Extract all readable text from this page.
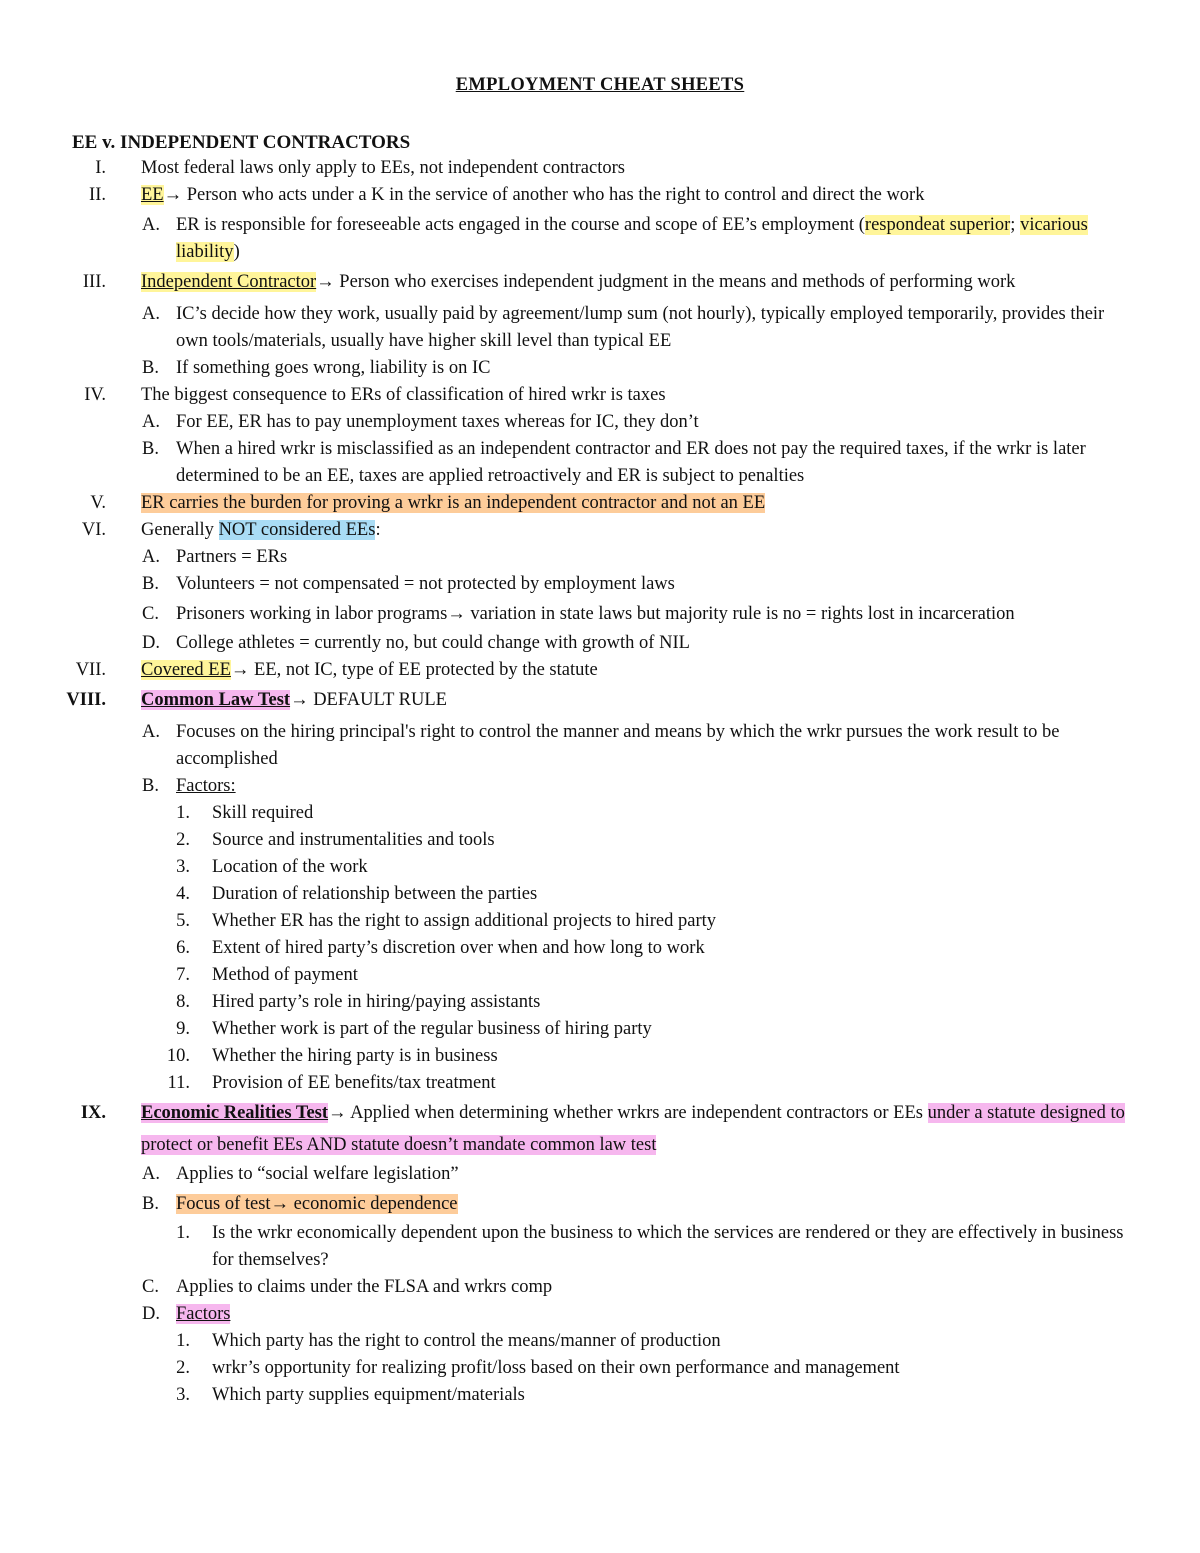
EMPLOYMENT CHEAT SHEETS
EE v. INDEPENDENT CONTRACTORS
I. Most federal laws only apply to EEs, not independent contractors
II. EE→ Person who acts under a K in the service of another who has the right to control and direct the work
A. ER is responsible for foreseeable acts engaged in the course and scope of EE’s employment (respondeat superior; vicarious liability)
III. Independent Contractor→ Person who exercises independent judgment in the means and methods of performing work
A. IC’s decide how they work, usually paid by agreement/lump sum (not hourly), typically employed temporarily, provides their own tools/materials, usually have higher skill level than typical EE
B. If something goes wrong, liability is on IC
IV. The biggest consequence to ERs of classification of hired wrkr is taxes
A. For EE, ER has to pay unemployment taxes whereas for IC, they don’t
B. When a hired wrkr is misclassified as an independent contractor and ER does not pay the required taxes, if the wrkr is later determined to be an EE, taxes are applied retroactively and ER is subject to penalties
V. ER carries the burden for proving a wrkr is an independent contractor and not an EE
VI. Generally NOT considered EEs:
A. Partners = ERs
B. Volunteers = not compensated = not protected by employment laws
C. Prisoners working in labor programs→ variation in state laws but majority rule is no = rights lost in incarceration
D. College athletes = currently no, but could change with growth of NIL
VII. Covered EE→ EE, not IC, type of EE protected by the statute
VIII. Common Law Test→ DEFAULT RULE
A. Focuses on the hiring principal's right to control the manner and means by which the wrkr pursues the work result to be accomplished
B. Factors:
1. Skill required
2. Source and instrumentalities and tools
3. Location of the work
4. Duration of relationship between the parties
5. Whether ER has the right to assign additional projects to hired party
6. Extent of hired party’s discretion over when and how long to work
7. Method of payment
8. Hired party’s role in hiring/paying assistants
9. Whether work is part of the regular business of hiring party
10. Whether the hiring party is in business
11. Provision of EE benefits/tax treatment
IX. Economic Realities Test→ Applied when determining whether wrkrs are independent contractors or EEs under a statute designed to protect or benefit EEs AND statute doesn’t mandate common law test
A. Applies to “social welfare legislation”
B. Focus of test→ economic dependence
1. Is the wrkr economically dependent upon the business to which the services are rendered or they are effectively in business for themselves?
C. Applies to claims under the FLSA and wrkrs comp
D. Factors
1. Which party has the right to control the means/manner of production
2. wrkr’s opportunity for realizing profit/loss based on their own performance and management
3. Which party supplies equipment/materials
